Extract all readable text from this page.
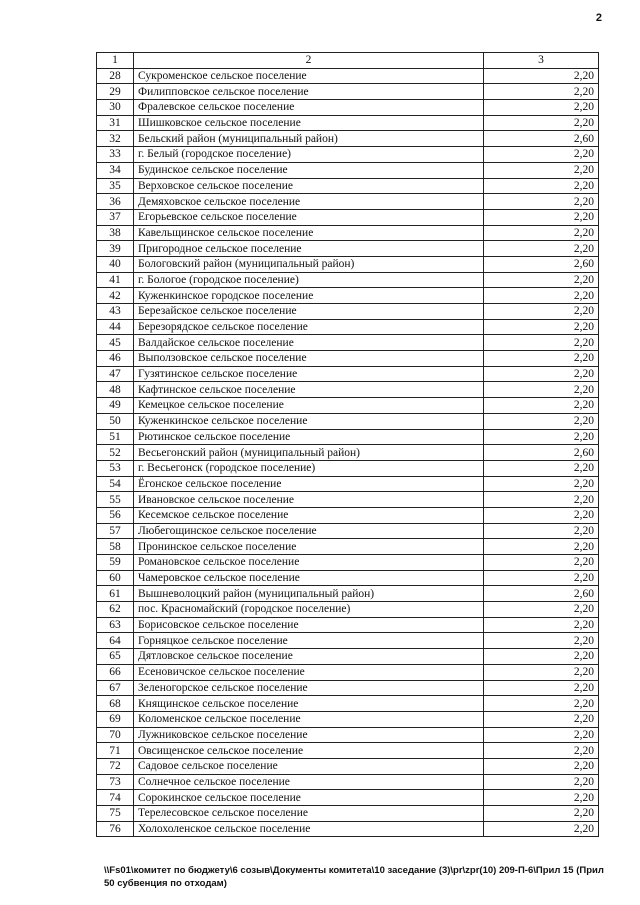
2
1	2	3
28	Сукроменское сельское поселение	2,20
29	Филипповское сельское поселение	2,20
30	Фралевское сельское поселение	2,20
31	Шишковское сельское поселение	2,20
32	Бельский район (муниципальный район)	2,60
33	г. Белый (городское поселение)	2,20
34	Будинское сельское поселение	2,20
35	Верховское сельское поселение	2,20
36	Демяховское сельское поселение	2,20
37	Егорьевское сельское поселение	2,20
38	Кавельщинское сельское поселение	2,20
39	Пригородное сельское поселение	2,20
40	Бологовский район (муниципальный район)	2,60
41	г. Бологое (городское поселение)	2,20
42	Куженкинское городское поселение	2,20
43	Березайское сельское поселение	2,20
44	Березорядское сельское поселение	2,20
45	Валдайское сельское поселение	2,20
46	Выползовское сельское поселение	2,20
47	Гузятинское сельское поселение	2,20
48	Кафтинское сельское поселение	2,20
49	Кемецкое сельское поселение	2,20
50	Куженкинское сельское поселение	2,20
51	Рютинское сельское поселение	2,20
52	Весьегонский район (муниципальный район)	2,60
53	г. Весьегонск (городское поселение)	2,20
54	Ёгонское сельское поселение	2,20
55	Ивановское сельское поселение	2,20
56	Кесемское сельское поселение	2,20
57	Любегощинское сельское поселение	2,20
58	Пронинское сельское поселение	2,20
59	Романовское сельское поселение	2,20
60	Чамеровское сельское поселение	2,20
61	Вышневолоцкий район (муниципальный район)	2,60
62	пос. Красномайский (городское поселение)	2,20
63	Борисовское сельское поселение	2,20
64	Горняцкое сельское поселение	2,20
65	Дятловское сельское поселение	2,20
66	Есеновичское сельское поселение	2,20
67	Зеленогорское сельское поселение	2,20
68	Княщинское сельское поселение	2,20
69	Коломенское сельское поселение	2,20
70	Лужниковское сельское поселение	2,20
71	Овсищенское сельское поселение	2,20
72	Садовое сельское поселение	2,20
73	Солнечное сельское поселение	2,20
74	Сорокинское сельское поселение	2,20
75	Терелесовское сельское поселение	2,20
76	Холохоленское сельское поселение	2,20
\\Fs01\комитет по бюджету\6 созыв\Документы комитета\10 заседание (3)\pr\zpr(10) 209-П-6\Прил 15 (Прил 50 субвенция по отходам)
